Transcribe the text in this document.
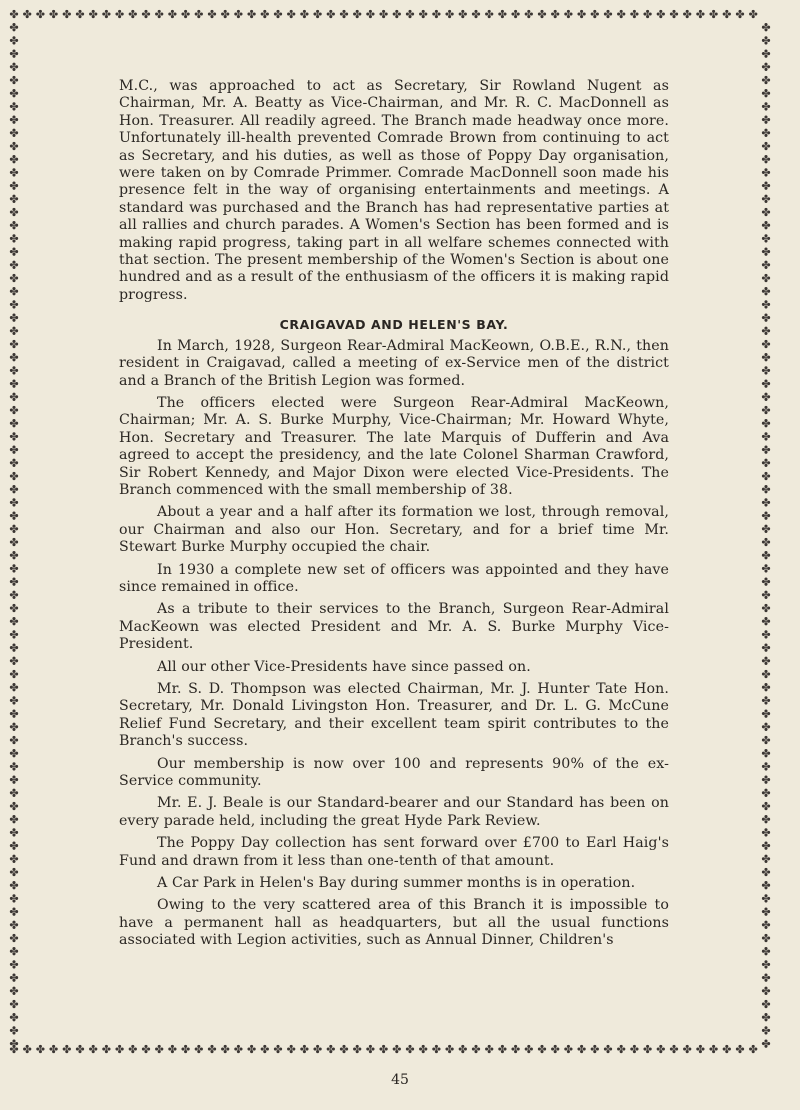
M.C., was approached to act as Secretary, Sir Rowland Nugent as Chairman, Mr. A. Beatty as Vice-Chairman, and Mr. R. C. MacDonnell as Hon. Treasurer. All readily agreed. The Branch made headway once more. Unfortunately ill-health prevented Comrade Brown from continuing to act as Secretary, and his duties, as well as those of Poppy Day organisation, were taken on by Comrade Primmer. Comrade MacDonnell soon made his presence felt in the way of organising entertainments and meetings. A standard was purchased and the Branch has had representative parties at all rallies and church parades. A Women's Section has been formed and is making rapid progress, taking part in all welfare schemes connected with that section. The present membership of the Women's Section is about one hundred and as a result of the enthusiasm of the officers it is making rapid progress.

CRAIGAVAD AND HELEN'S BAY.

In March, 1928, Surgeon Rear-Admiral MacKeown, O.B.E., R.N., then resident in Craigavad, called a meeting of ex-Service men of the district and a Branch of the British Legion was formed.

The officers elected were Surgeon Rear-Admiral MacKeown, Chairman; Mr. A. S. Burke Murphy, Vice-Chairman; Mr. Howard Whyte, Hon. Secretary and Treasurer. The late Marquis of Dufferin and Ava agreed to accept the presidency, and the late Colonel Sharman Crawford, Sir Robert Kennedy, and Major Dixon were elected Vice-Presidents. The Branch commenced with the small membership of 38.

About a year and a half after its formation we lost, through removal, our Chairman and also our Hon. Secretary, and for a brief time Mr. Stewart Burke Murphy occupied the chair.

In 1930 a complete new set of officers was appointed and they have since remained in office.

As a tribute to their services to the Branch, Surgeon Rear-Admiral MacKeown was elected President and Mr. A. S. Burke Murphy Vice-President.

All our other Vice-Presidents have since passed on.

Mr. S. D. Thompson was elected Chairman, Mr. J. Hunter Tate Hon. Secretary, Mr. Donald Livingston Hon. Treasurer, and Dr. L. G. McCune Relief Fund Secretary, and their excellent team spirit contributes to the Branch's success.

Our membership is now over 100 and represents 90% of the ex-Service community.

Mr. E. J. Beale is our Standard-bearer and our Standard has been on every parade held, including the great Hyde Park Review.

The Poppy Day collection has sent forward over £700 to Earl Haig's Fund and drawn from it less than one-tenth of that amount.

A Car Park in Helen's Bay during summer months is in operation.

Owing to the very scattered area of this Branch it is impossible to have a permanent hall as headquarters, but all the usual functions associated with Legion activities, such as Annual Dinner, Children's

45
